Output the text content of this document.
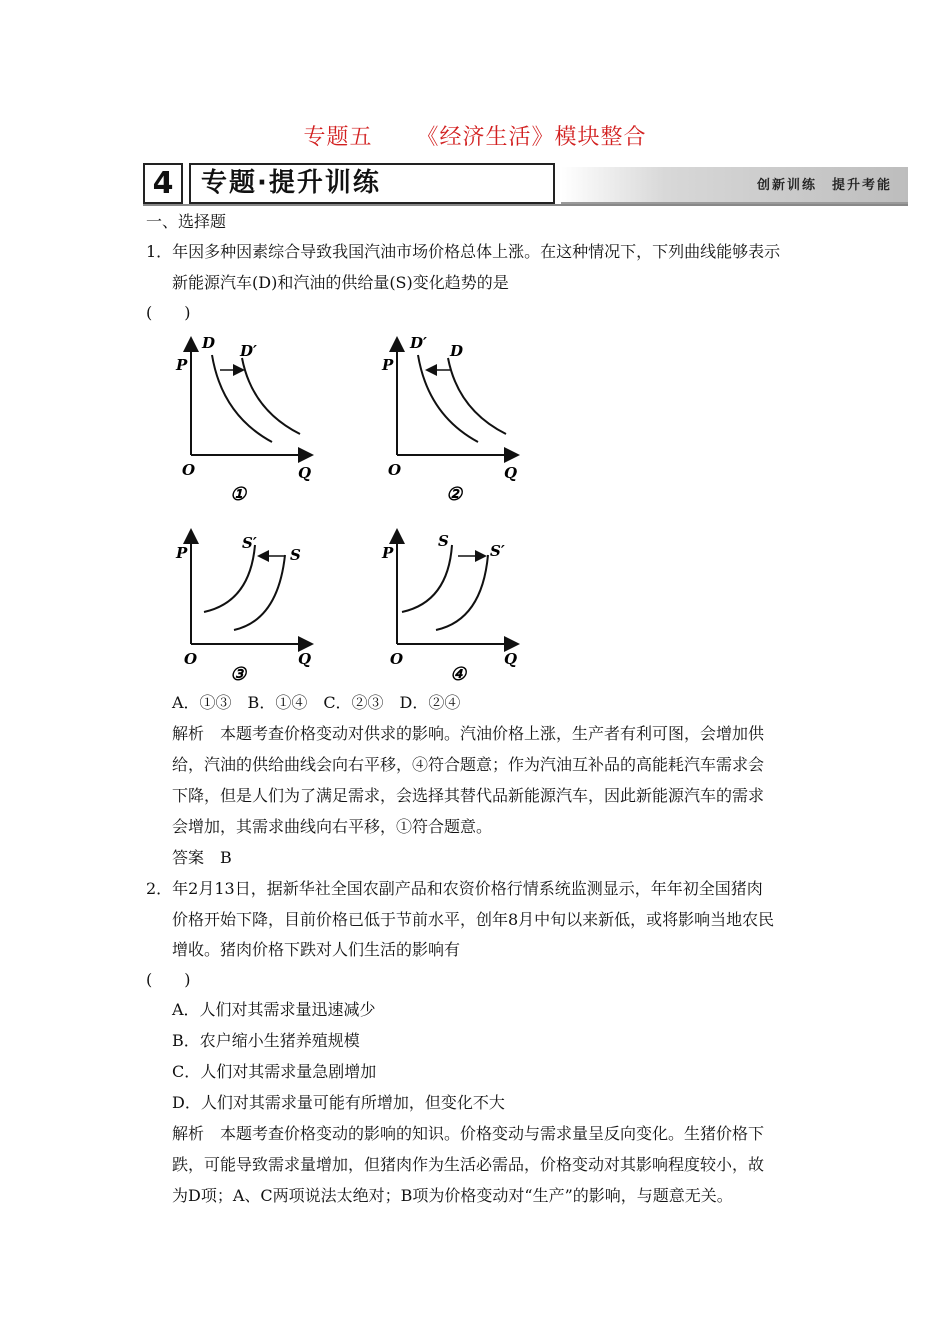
专题五 《经济生活》模块整合
4	专题·提升训练	创新训练　提升考能
一、选择题
1．年因多种因素综合导致我国汽油市场价格总体上涨。在这种情况下，下列曲线能够表示
新能源汽车(D)和汽油的供给量(S)变化趋势的是
(　　)
P
O	Q
D D′
①
P
O	Q
D′ D
②
P
O	Q
S′
S
③
P
O	Q
S
S′
④
A．①③　B．①④　C．②③　D．②④
解析　本题考查价格变动对供求的影响。汽油价格上涨，生产者有利可图，会增加供
给，汽油的供给曲线会向右平移，④符合题意；作为汽油互补品的高能耗汽车需求会
下降，但是人们为了满足需求，会选择其替代品新能源汽车，因此新能源汽车的需求
会增加，其需求曲线向右平移，①符合题意。
答案　B
2．年2月13日，据新华社全国农副产品和农资价格行情系统监测显示，年年初全国猪肉
价格开始下降，目前价格已低于节前水平，创年8月中旬以来新低，或将影响当地农民
增收。猪肉价格下跌对人们生活的影响有
(　　)
A．人们对其需求量迅速减少
B．农户缩小生猪养殖规模
C．人们对其需求量急剧增加
D．人们对其需求量可能有所增加，但变化不大
解析　本题考查价格变动的影响的知识。价格变动与需求量呈反向变化。生猪价格下
跌，可能导致需求量增加，但猪肉作为生活必需品，价格变动对其影响程度较小，故
为D项；A、C两项说法太绝对；B项为价格变动对“生产”的影响，与题意无关。
